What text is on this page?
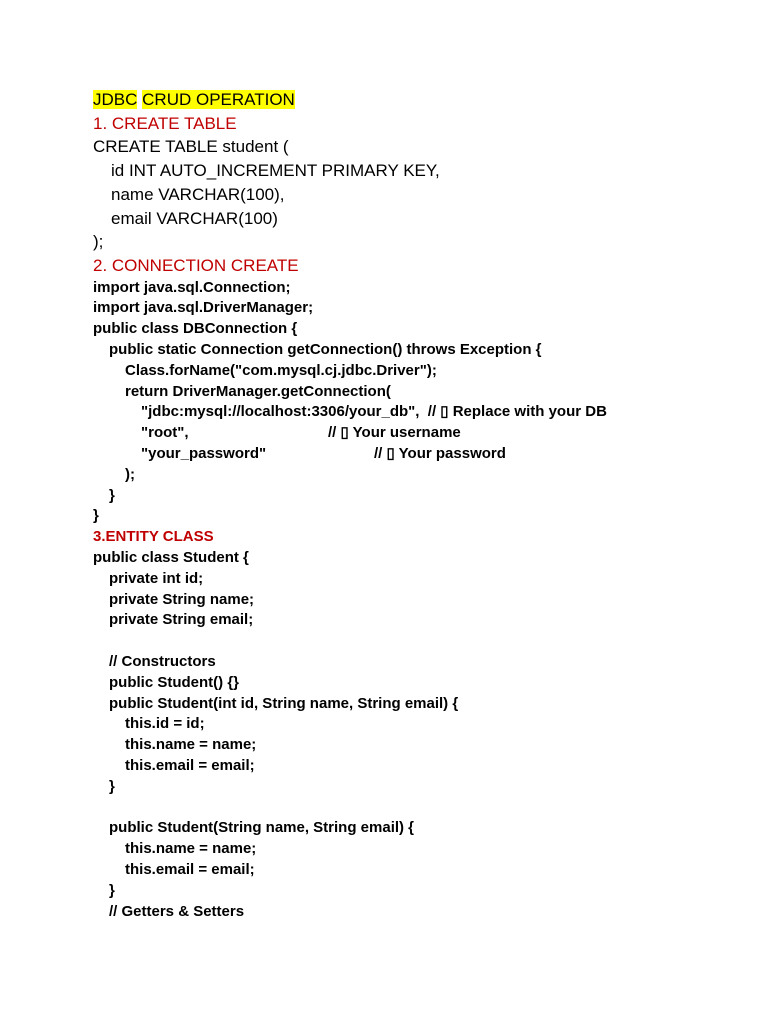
JDBC CRUD OPERATION
1. CREATE TABLE
CREATE TABLE student (
id INT AUTO_INCREMENT PRIMARY KEY,
name VARCHAR(100),
email VARCHAR(100)
);
2. CONNECTION CREATE
import java.sql.Connection;
import java.sql.DriverManager;
public class DBConnection {
public static Connection getConnection() throws Exception {
Class.forName("com.mysql.cj.jdbc.Driver");
return DriverManager.getConnection(
"jdbc:mysql://localhost:3306/your_db", // ▯ Replace with your DB
"root",	// ▯ Your username
"your_password"	// ▯ Your password
);
}
}
3.ENTITY CLASS
public class Student {
private int id;
private String name;
private String email;
// Constructors
public Student() {}
public Student(int id, String name, String email) {
this.id = id;
this.name = name;
this.email = email;
}
public Student(String name, String email) {
this.name = name;
this.email = email;
}
// Getters & Setters
